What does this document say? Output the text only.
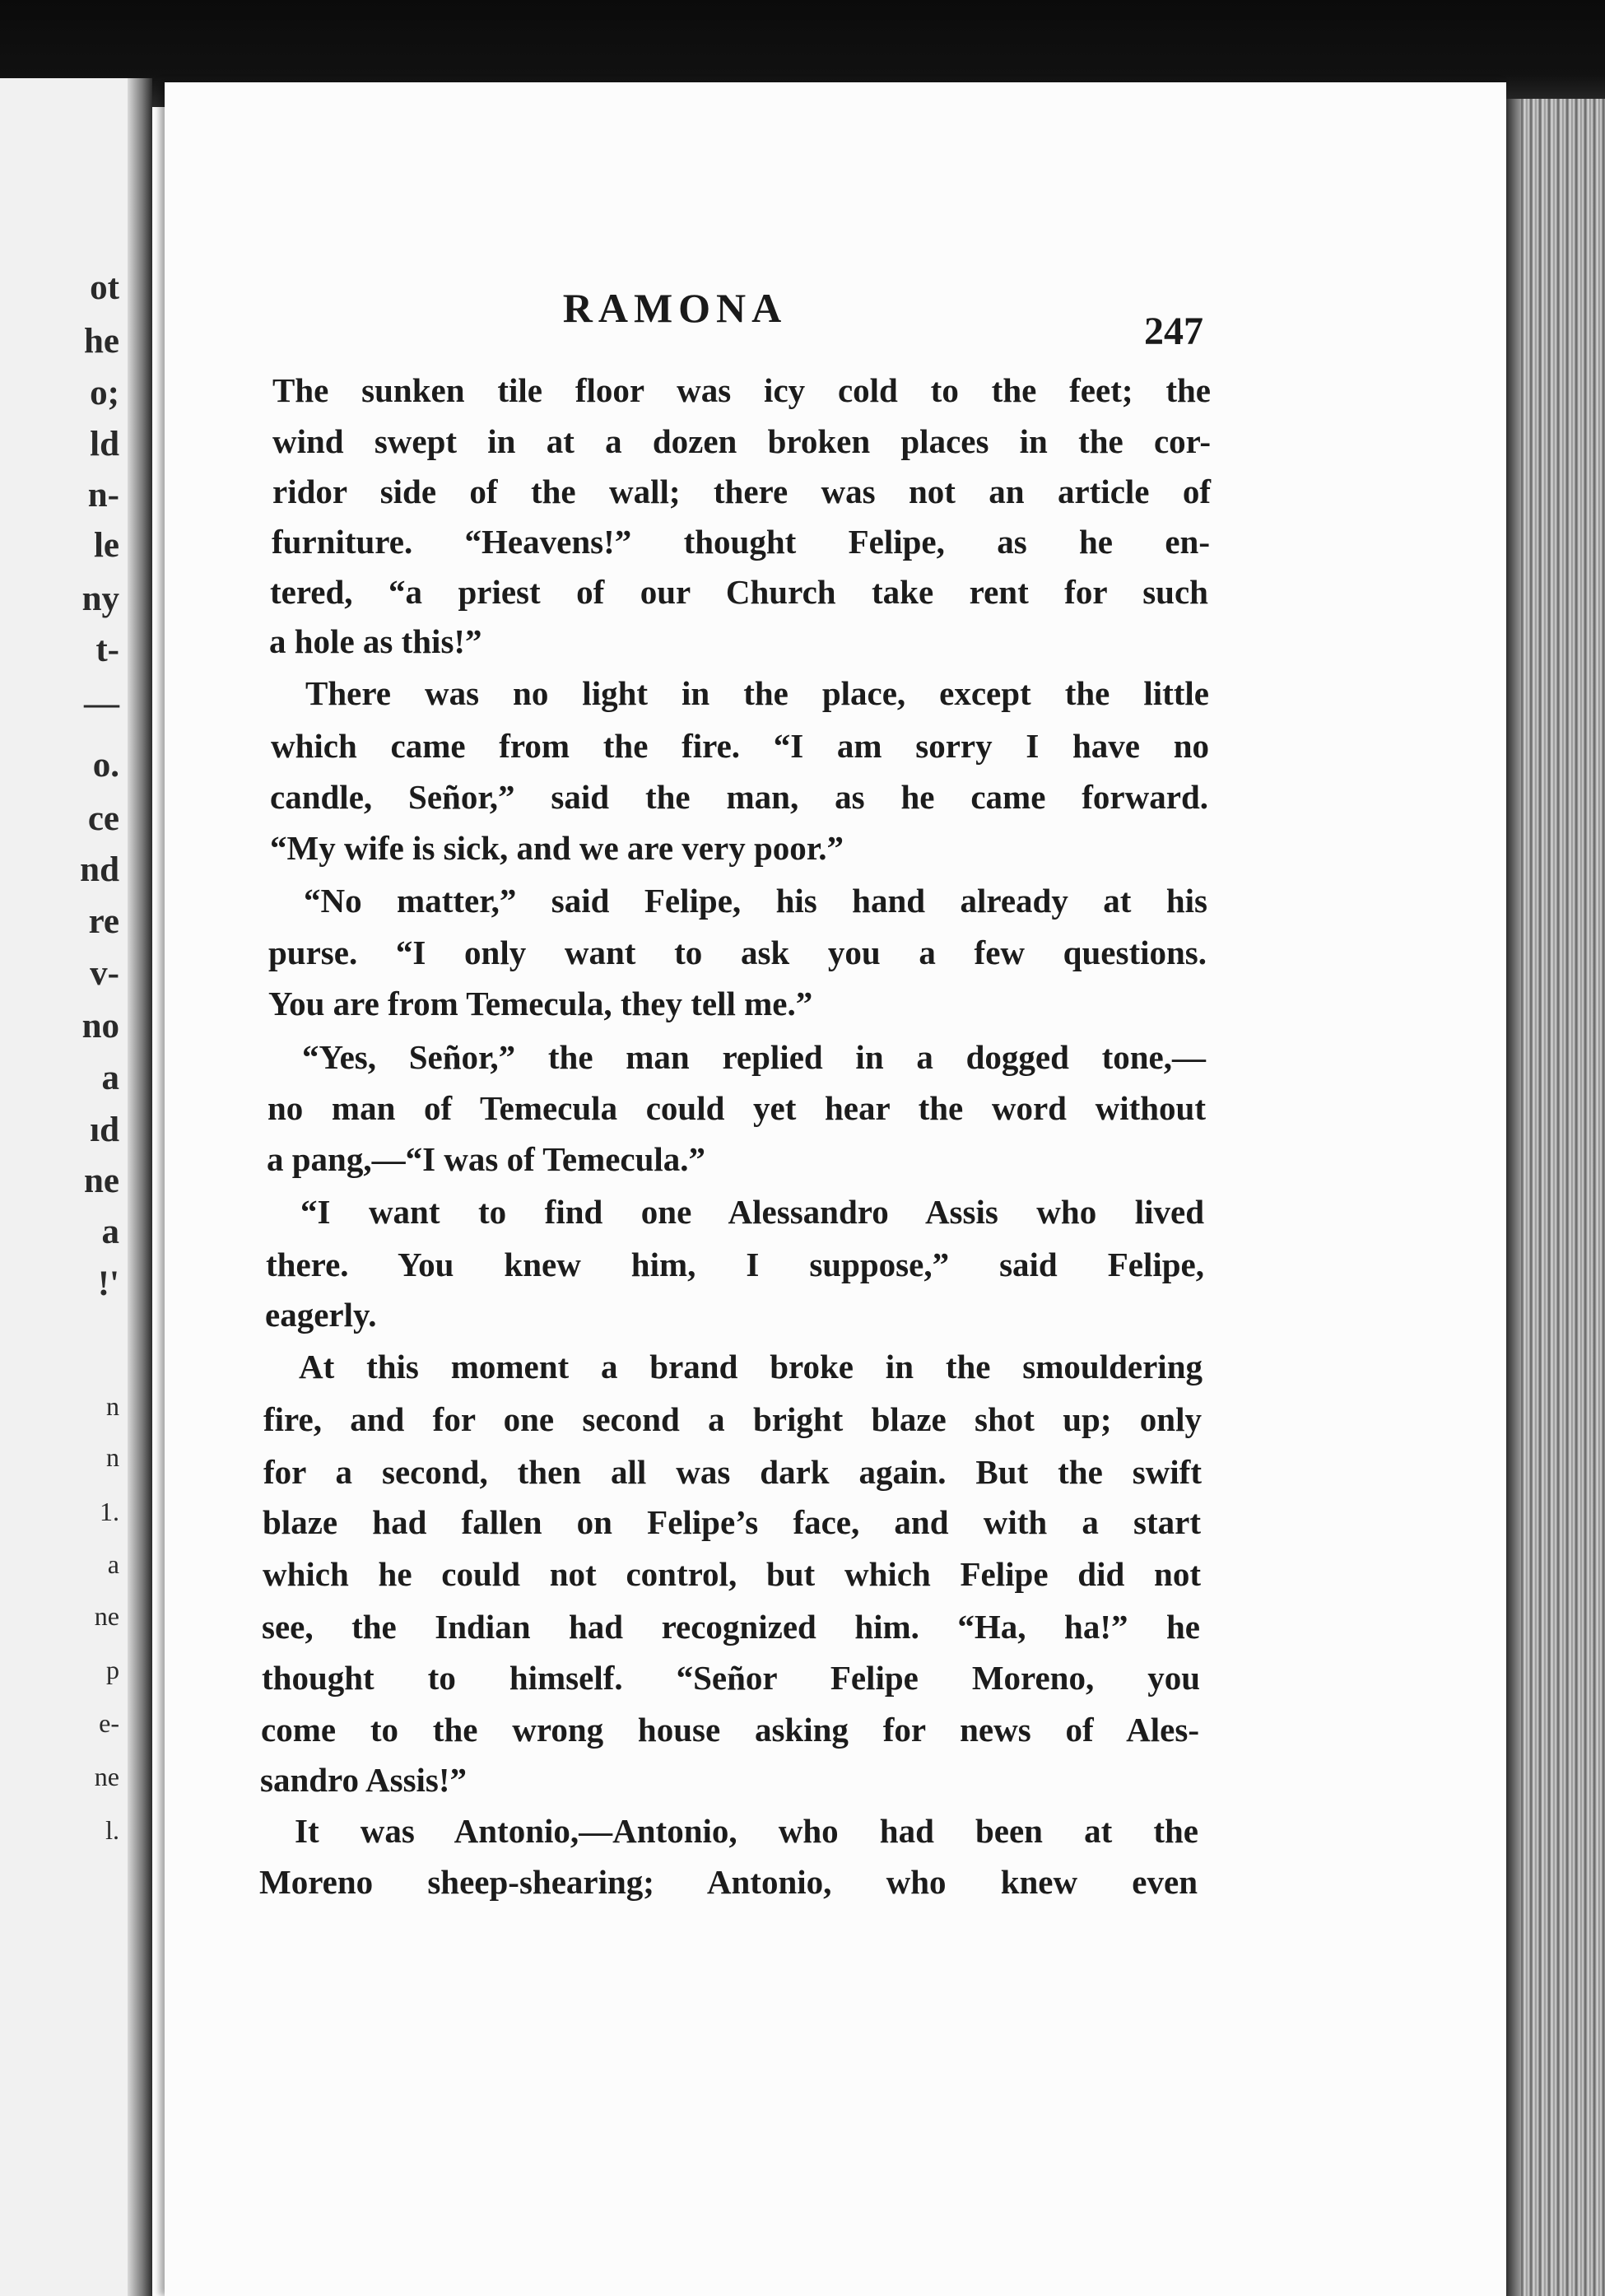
ot
he
o;
ld
n-
le
ny
t-
—
o.
ce
nd
re
v-
no
a
ıd
ne
a
!'
n
n
1.
a
ne
p
e-
ne
l.
RAMONA
247
The sunken tile floor was icy cold to the feet; the
wind swept in at a dozen broken places in the cor-
ridor side of the wall; there was not an article of
furniture. “Heavens!” thought Felipe, as he en-
tered, “a priest of our Church take rent for such
a hole as this!”
There was no light in the place, except the little
which came from the fire. “I am sorry I have no
candle, Señor,” said the man, as he came forward.
“My wife is sick, and we are very poor.”
“No matter,” said Felipe, his hand already at his
purse. “I only want to ask you a few questions.
You are from Temecula, they tell me.”
“Yes, Señor,” the man replied in a dogged tone,—
no man of Temecula could yet hear the word without
a pang,—“I was of Temecula.”
“I want to find one Alessandro Assis who lived
there. You knew him, I suppose,” said Felipe,
eagerly.
At this moment a brand broke in the smouldering
fire, and for one second a bright blaze shot up; only
for a second, then all was dark again. But the swift
blaze had fallen on Felipe’s face, and with a start
which he could not control, but which Felipe did not
see, the Indian had recognized him. “Ha, ha!” he
thought to himself. “Señor Felipe Moreno, you
come to the wrong house asking for news of Ales-
sandro Assis!”
It was Antonio,—Antonio, who had been at the
Moreno sheep-shearing; Antonio, who knew even
